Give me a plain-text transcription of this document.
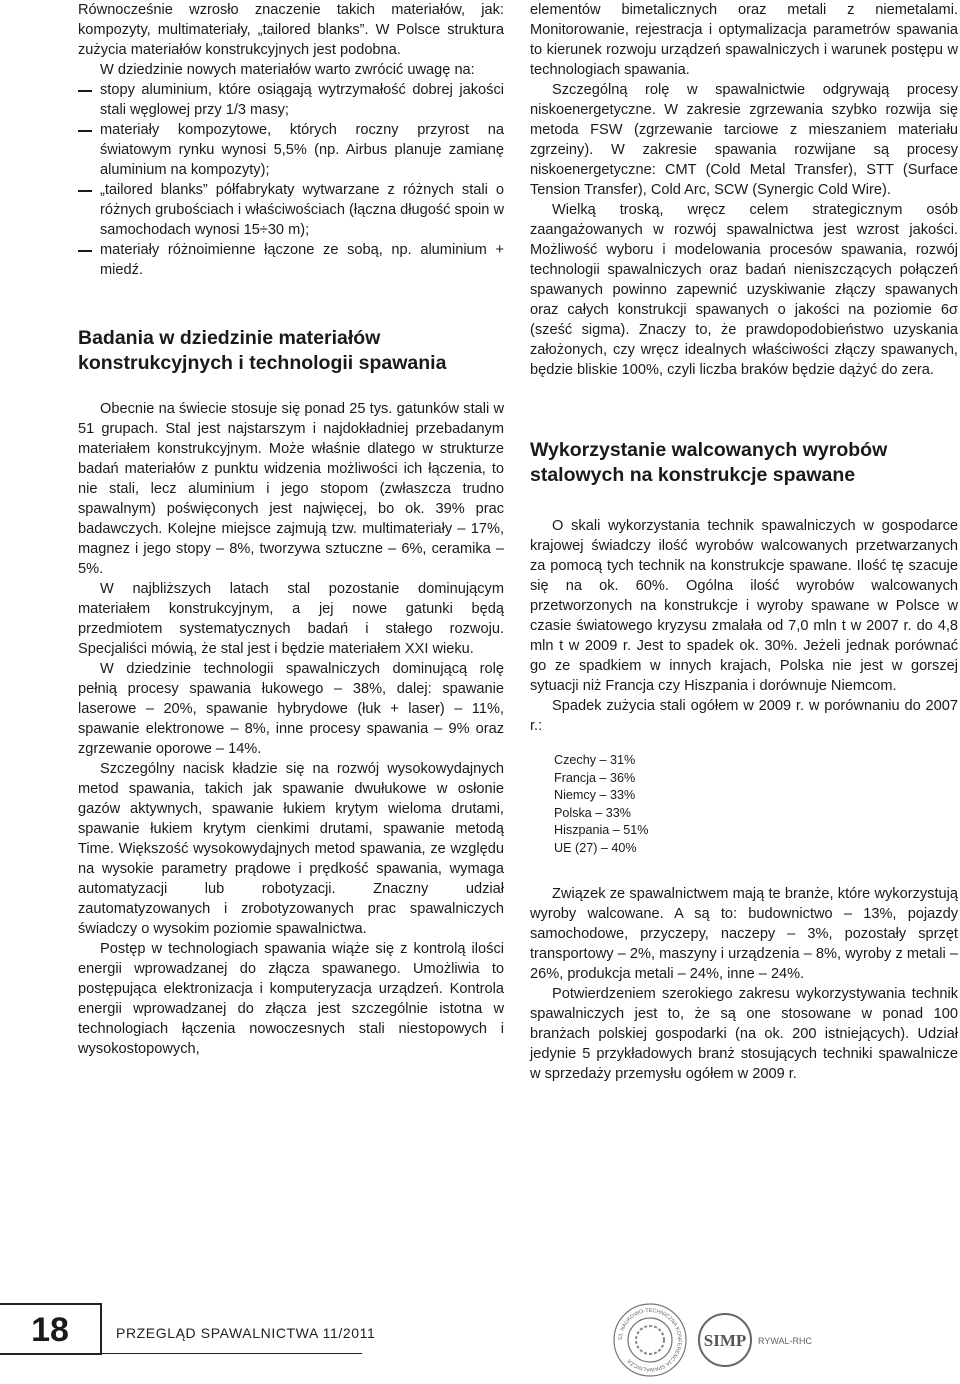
Równocześnie wzrosło znaczenie takich materiałów, jak: kompozyty, multimateriały, „tailored blanks”. W Polsce struktura zużycia materiałów konstrukcyjnych jest podobna.

W dziedzinie nowych materiałów warto zwrócić uwagę na:

stopy aluminium, które osiągają wytrzymałość dobrej jakości stali węglowej przy 1/3 masy;
materiały kompozytowe, których roczny przyrost na światowym rynku wynosi 5,5% (np. Airbus planuje zamianę aluminium na kompozyty);
„tailored blanks” półfabrykaty wytwarzane z różnych stali o różnych grubościach i właściwościach (łączna długość spoin w samochodach wynosi 15÷30 m);
materiały różnoimienne łączone ze sobą, np. aluminium + miedź.
Badania w dziedzinie materiałów konstrukcyjnych i technologii spawania

Obecnie na świecie stosuje się ponad 25 tys. gatunków stali w 51 grupach. Stal jest najstarszym i najdokładniej przebadanym materiałem konstrukcyjnym. Może właśnie dlatego w strukturze badań materiałów z punktu widzenia możliwości ich łączenia, to nie stali, lecz aluminium i jego stopom (zwłaszcza trudno spawalnym) poświęconych jest najwięcej, bo ok. 39% prac badawczych. Kolejne miejsce zajmują tzw. multimateriały – 17%, magnez i jego stopy – 8%, tworzywa sztuczne – 6%, ceramika – 5%.

W najbliższych latach stal pozostanie dominującym materiałem konstrukcyjnym, a jej nowe gatunki będą przedmiotem systematycznych badań i stałego rozwoju. Specjaliści mówią, że stal jest i będzie materiałem XXI wieku.

W dziedzinie technologii spawalniczych dominującą rolę pełnią procesy spawania łukowego – 38%, dalej: spawanie laserowe – 20%, spawanie hybrydowe (łuk + laser) – 11%, spawanie elektronowe – 8%, inne procesy spawania – 9% oraz zgrzewanie oporowe – 14%.

Szczególny nacisk kładzie się na rozwój wysokowydajnych metod spawania, takich jak spawanie dwułukowe w osłonie gazów aktywnych, spawanie łukiem krytym wieloma drutami, spawanie łukiem krytym cienkimi drutami, spawanie metodą Time. Większość wysokowydajnych metod spawania, ze względu na wysokie parametry prądowe i prędkość spawania, wymaga automatyzacji lub robotyzacji. Znaczny udział zautomatyzowanych i zrobotyzowanych prac spawalniczych świadczy o wysokim poziomie spawalnictwa.

Postęp w technologiach spawania wiąże się z kontrolą ilości energii wprowadzanej do złącza spawanego. Umożliwia to postępująca elektronizacja i komputeryzacja urządzeń. Kontrola energii wprowadzanej do złącza jest szczególnie istotna w technologiach łączenia nowoczesnych stali niestopowych i wysokostopowych,

elementów bimetalicznych oraz metali z niemetalami. Monitorowanie, rejestracja i optymalizacja parametrów spawania to kierunek rozwoju urządzeń spawalniczych i warunek postępu w technologiach spawania.

Szczególną rolę w spawalnictwie odgrywają procesy niskoenergetyczne. W zakresie zgrzewania szybko rozwija się metoda FSW (zgrzewanie tarciowe z mieszaniem materiału zgrzeiny). W zakresie spawania rozwijane są procesy niskoenergetyczne: CMT (Cold Metal Transfer), STT (Surface Tension Transfer), Cold Arc, SCW (Synergic Cold Wire).

Wielką troską, wręcz celem strategicznym osób zaangażowanych w rozwój spawalnictwa jest wzrost jakości. Możliwość wyboru i modelowania procesów spawania, rozwój technologii spawalniczych oraz badań nieniszczących połączeń spawanych powinno zapewnić uzyskiwanie złączy spawanych oraz całych konstrukcji spawanych o jakości na poziomie 6σ (sześć sigma). Znaczy to, że prawdopodobieństwo uzyskania założonych, czy wręcz idealnych właściwości złączy spawanych, będzie bliskie 100%, czyli liczba braków będzie dążyć do zera.

Wykorzystanie walcowanych wyrobów stalowych na konstrukcje spawane

O skali wykorzystania technik spawalniczych w gospodarce krajowej świadczy ilość wyrobów walcowanych przetwarzanych za pomocą tych technik na konstrukcje spawane. Ilość tę szacuje się na ok. 60%. Ogólna ilość wyrobów walcowanych przetworzonych na konstrukcje i wyroby spawane w Polsce w czasie światowego kryzysu zmalała od 7,0 mln t w 2007 r. do 4,8 mln t w 2009 r. Jest to spadek ok. 30%. Jeżeli jednak porównać go ze spadkiem w innych krajach, Polska nie jest w gorszej sytuacji niż Francja czy Hiszpania i dorównuje Niemcom.

Spadek zużycia stali ogółem w 2009 r. w porównaniu do 2007 r.:

Czechy – 31%
Francja – 36%
Niemcy – 33%
Polska – 33%
Hiszpania – 51%
UE (27) – 40%

Związek ze spawalnictwem mają te branże, które wykorzystują wyroby walcowane. A są to: budownictwo – 13%, pojazdy samochodowe, przyczepy, naczepy – 3%, pozostały sprzęt transportowy – 2%, maszyny i urządzenia – 8%, wyroby z metali – 26%, produkcja metali – 24%, inne – 24%.

Potwierdzeniem szerokiego zakresu wykorzystywania technik spawalniczych jest to, że są one stosowane w ponad 100 branżach polskiej gospodarki (na ok. 200 istniejących). Udział jedynie 5 przykładowych branż stosujących techniki spawalnicze w sprzedaży przemysłu ogółem w 2009 r.

18	PRZEGLĄD SPAWALNICTWA 11/2011	53. NAUKOWO-TECHNICZNA KONFERENCJA SPAWALNICZA
SIMP RYWAL-RHC
